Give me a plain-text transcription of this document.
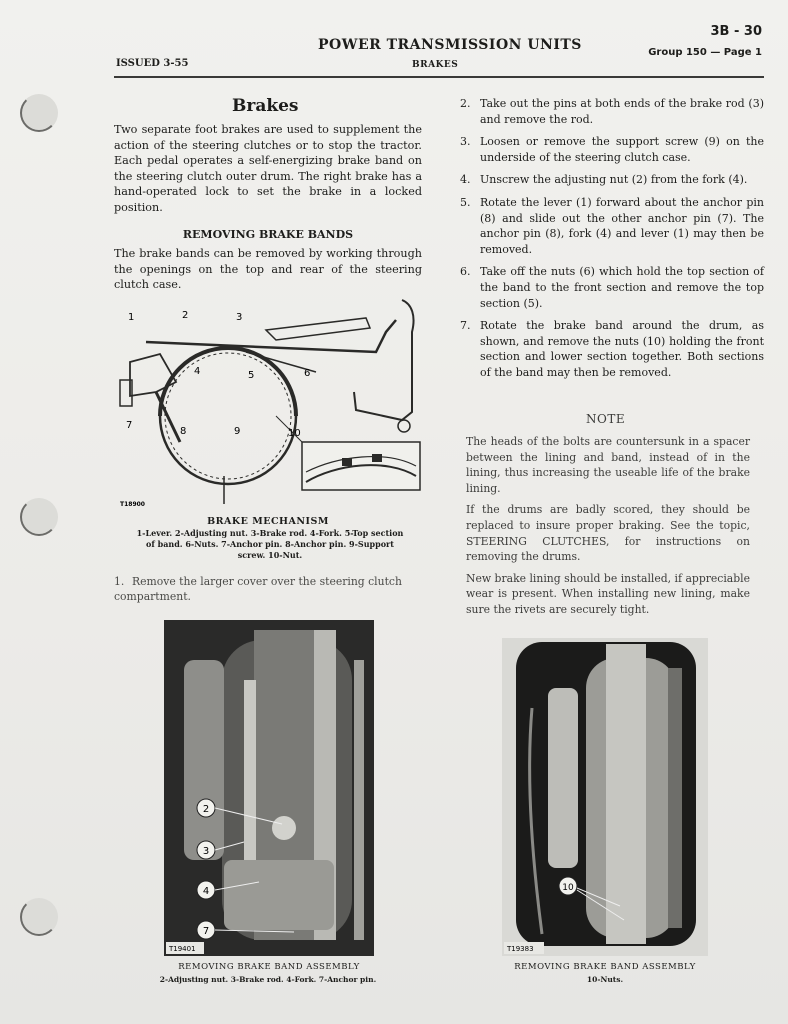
3B - 30
Group 150 — Page 1
POWER TRANSMISSION UNITS
BRAKES
ISSUED 3-55
Brakes
Two separate foot brakes are used to supplement the action of the steering clutches or to stop the tractor. Each pedal operates a self-energizing brake band on the steering clutch outer drum. The right brake has a hand-operated lock to set the brake in a locked position.
REMOVING BRAKE BANDS
The brake bands can be removed by working through the openings on the top and rear of the steering clutch case.
1	2	3
4	5	6
7
8	9	10
T18900
BRAKE MECHANISM
1-Lever. 2-Adjusting nut. 3-Brake rod. 4-Fork. 5-Top section of band. 6-Nuts. 7-Anchor pin. 8-Anchor pin. 9-Support screw. 10-Nut.
1. Remove the larger cover over the steering clutch compartment.
2. Take out the pins at both ends of the brake rod (3) and remove the rod.
3. Loosen or remove the support screw (9) on the underside of the steering clutch case.
4. Unscrew the adjusting nut (2) from the fork (4).
5. Rotate the lever (1) forward about the anchor pin (8) and slide out the other anchor pin (7). The anchor pin (8), fork (4) and lever (1) may then be removed.
6. Take off the nuts (6) which hold the top section of the band to the front section and remove the top section (5).
7. Rotate the brake band around the drum, as shown, and remove the nuts (10) holding the front section and lower section together. Both sections of the band may then be removed.
NOTE

The heads of the bolts are countersunk in a spacer between the lining and band, instead of in the lining, thus increasing the useable life of the brake lining.

If the drums are badly scored, they should be replaced to insure proper braking. See the topic, STEERING CLUTCHES, for instructions on removing the drums.

New brake lining should be installed, if appreciable wear is present. When installing new lining, make sure the rivets are securely tight.

2
3
4
7
T19401
10
T19383
REMOVING BRAKE BAND ASSEMBLY
2-Adjusting nut. 3-Brake rod. 4-Fork. 7-Anchor pin.
REMOVING BRAKE BAND ASSEMBLY
10-Nuts.
